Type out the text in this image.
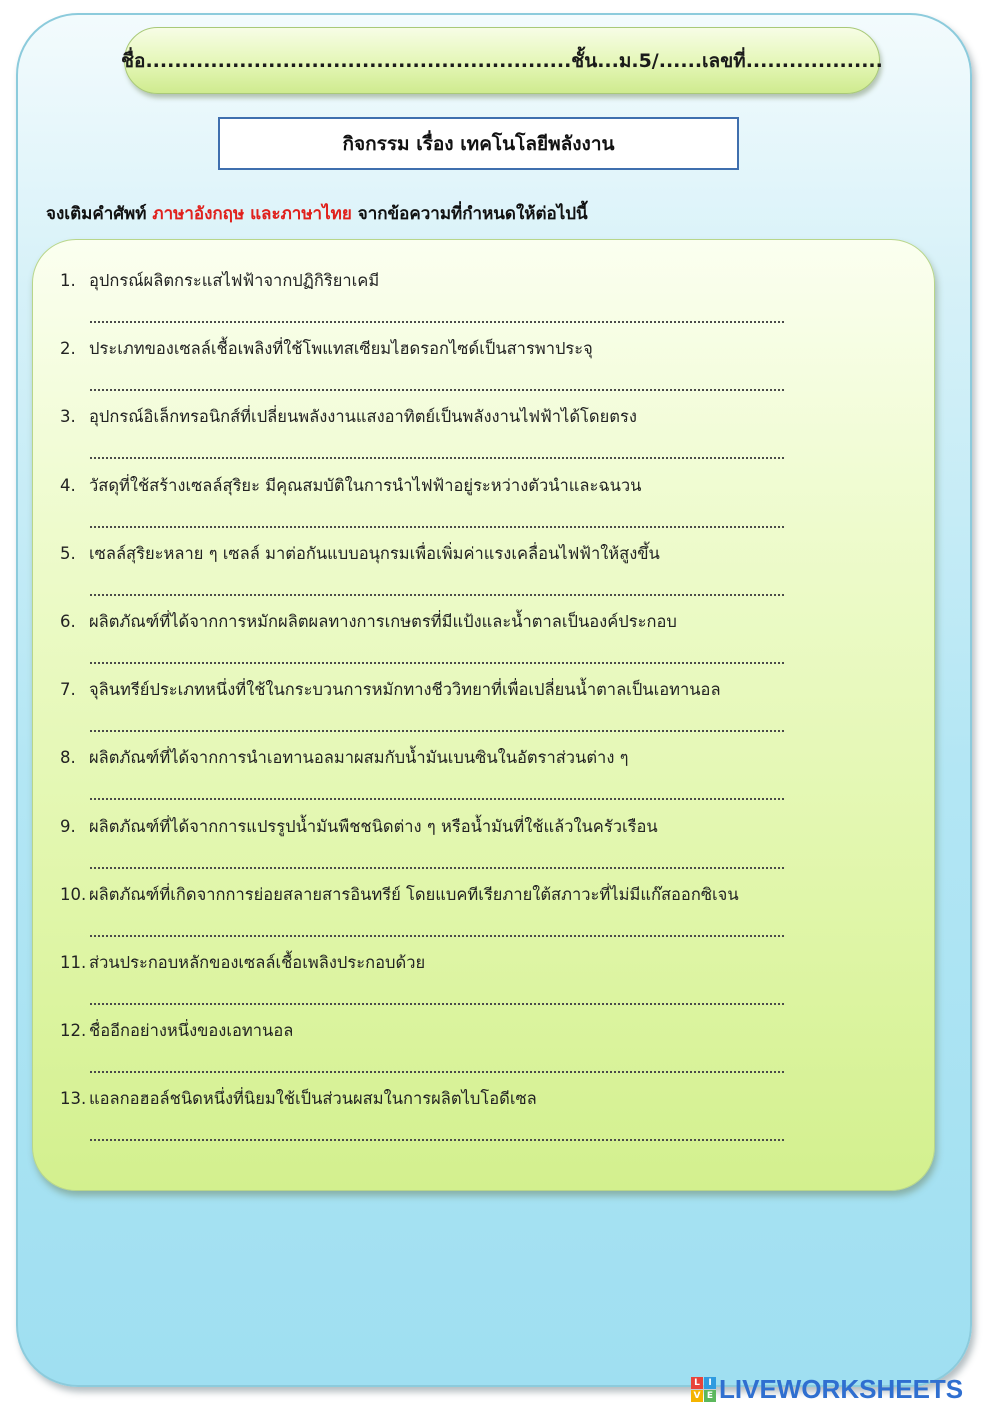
ชื่อ...........................................................ชั้น...ม.5/......เลขที่...................
กิจกรรม เรื่อง เทคโนโลยีพลังงาน
จงเติมคำศัพท์ ภาษาอังกฤษ และภาษาไทย จากข้อความที่กำหนดให้ต่อไปนี้
1. อุปกรณ์ผลิตกระแสไฟฟ้าจากปฏิกิริยาเคมี
2. ประเภทของเซลล์เชื้อเพลิงที่ใช้โพแทสเซียมไฮดรอกไซด์เป็นสารพาประจุ
3. อุปกรณ์อิเล็กทรอนิกส์ที่เปลี่ยนพลังงานแสงอาทิตย์เป็นพลังงานไฟฟ้าได้โดยตรง
4. วัสดุที่ใช้สร้างเซลล์สุริยะ มีคุณสมบัติในการนำไฟฟ้าอยู่ระหว่างตัวนำและฉนวน
5. เซลล์สุริยะหลาย ๆ เซลล์ มาต่อกันแบบอนุกรมเพื่อเพิ่มค่าแรงเคลื่อนไฟฟ้าให้สูงขึ้น
6. ผลิตภัณฑ์ที่ได้จากการหมักผลิตผลทางการเกษตรที่มีแป้งและน้ำตาลเป็นองค์ประกอบ
7. จุลินทรีย์ประเภทหนึ่งที่ใช้ในกระบวนการหมักทางชีววิทยาที่เพื่อเปลี่ยนน้ำตาลเป็นเอทานอล
8. ผลิตภัณฑ์ที่ได้จากการนำเอทานอลมาผสมกับน้ำมันเบนซินในอัตราส่วนต่าง ๆ
9. ผลิตภัณฑ์ที่ได้จากการแปรรูปน้ำมันพืชชนิดต่าง ๆ หรือน้ำมันที่ใช้แล้วในครัวเรือน
10. ผลิตภัณฑ์ที่เกิดจากการย่อยสลายสารอินทรีย์ โดยแบคทีเรียภายใต้สภาวะที่ไม่มีแก๊สออกซิเจน
11. ส่วนประกอบหลักของเซลล์เชื้อเพลิงประกอบด้วย
12. ชื่ออีกอย่างหนึ่งของเอทานอล
13. แอลกอฮอล์ชนิดหนึ่งที่นิยมใช้เป็นส่วนผสมในการผลิตไบโอดีเซล
L I
V E LIVEWORKSHEETS
